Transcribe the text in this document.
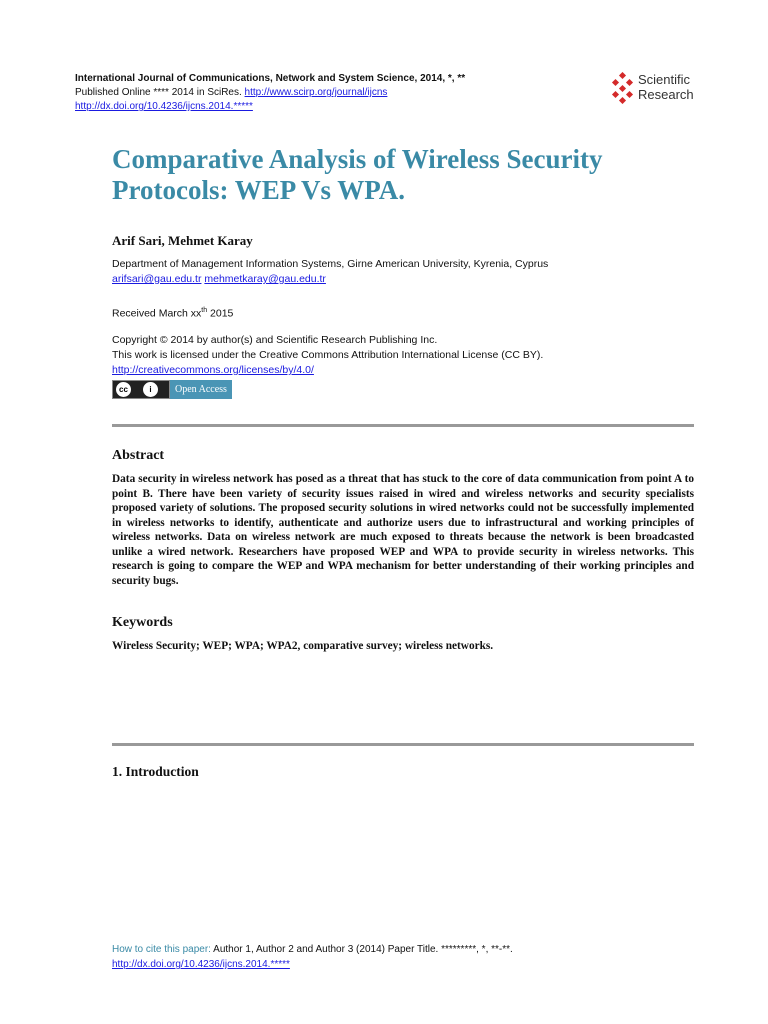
International Journal of Communications, Network and System Science, 2014, *, **
Published Online **** 2014 in SciRes. http://www.scirp.org/journal/ijcns
http://dx.doi.org/10.4236/ijcns.2014.*****
Scientific
Research
Comparative Analysis of Wireless Security Protocols: WEP Vs WPA.
Arif Sari, Mehmet Karay
Department of Management Information Systems, Girne American University, Kyrenia, Cyprus
arifsari@gau.edu.tr mehmetkaray@gau.edu.tr
Received March $xx^{th}$ 2015
Copyright © 2014 by author(s) and Scientific Research Publishing Inc.
This work is licensed under the Creative Commons Attribution International License (CC BY).
http://creativecommons.org/licenses/by/4.0/
cc	i	Open Access
Abstract
Data security in wireless network has posed as a threat that has stuck to the core of data communication from point A to point B. There have been variety of security issues raised in wired and wireless networks and security specialists proposed variety of solutions. The proposed security solutions in wired networks could not be successfully implemented in wireless networks to identify, authenticate and authorize users due to infrastructural and working principles of wireless networks. Data on wireless network are much exposed to threats because the network is been broadcasted unlike a wired network. Researchers have proposed WEP and WPA to provide security in wireless networks. This research is going to compare the WEP and WPA mechanism for better understanding of their working principles and security bugs.
Keywords
Wireless Security; WEP; WPA; WPA2, comparative survey; wireless networks.
1. Introduction
How to cite this paper: Author 1, Author 2 and Author 3 (2014) Paper Title. *********, *, **-**.
http://dx.doi.org/10.4236/ijcns.2014.*****
